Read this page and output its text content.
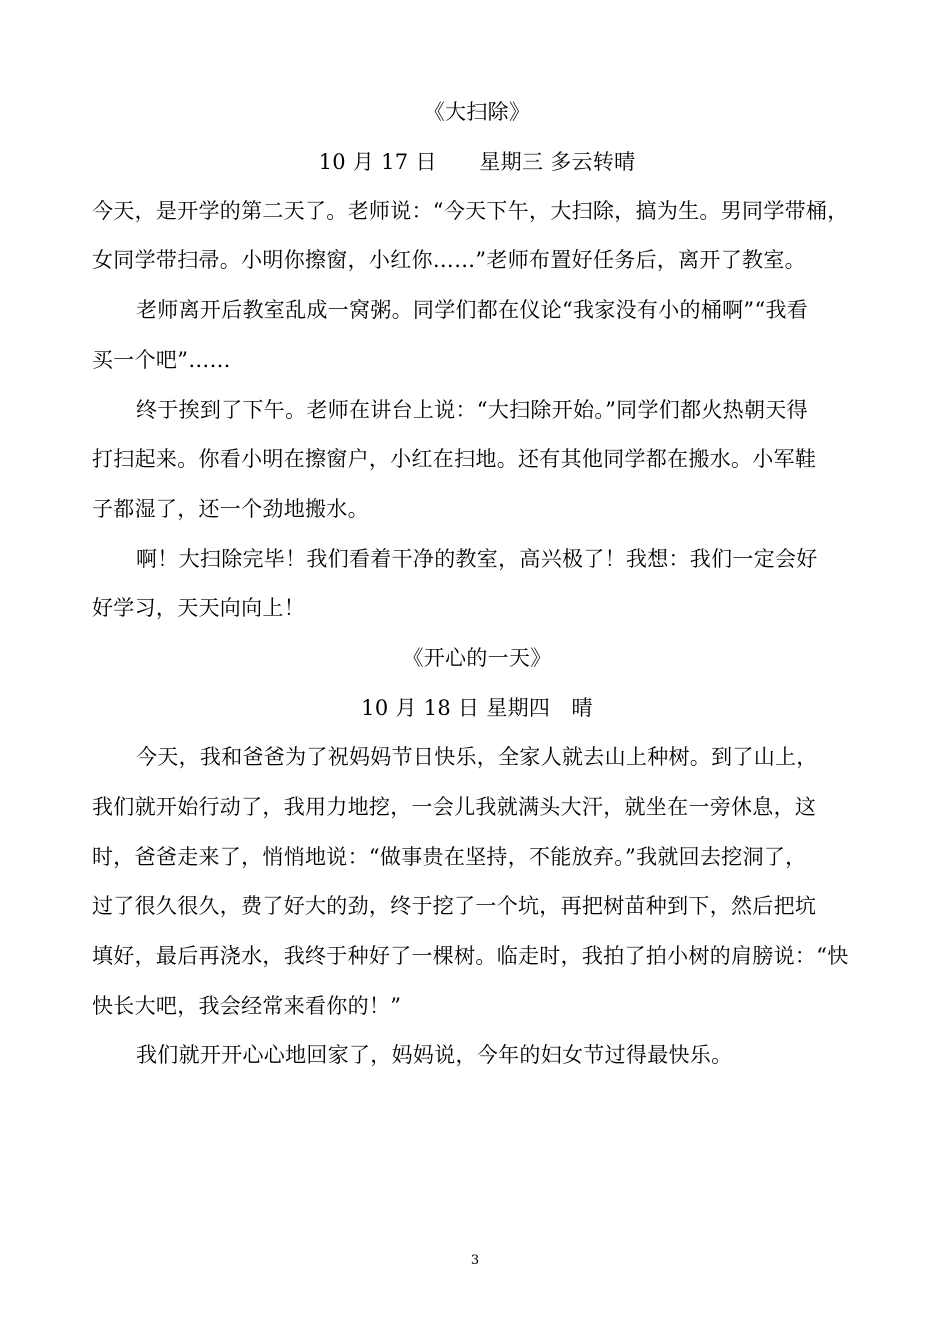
《大扫除》
10 月 17 日　　星期三 多云转晴
今天，是开学的第二天了。老师说：“今天下午，大扫除，搞为生。男同学带桶，
女同学带扫帚。小明你擦窗，小红你……”老师布置好任务后，离开了教室。
老师离开后教室乱成一窝粥。同学们都在仪论“我家没有小的桶啊”“我看
买一个吧”……
终于挨到了下午。老师在讲台上说：“大扫除开始。”同学们都火热朝天得
打扫起来。你看小明在擦窗户，小红在扫地。还有其他同学都在搬水。小军鞋
子都湿了，还一个劲地搬水。
啊！大扫除完毕！我们看着干净的教室，高兴极了！我想：我们一定会好
好学习，天天向向上！
《开心的一天》
10 月 18 日 星期四　晴
今天，我和爸爸为了祝妈妈节日快乐，全家人就去山上种树。到了山上，
我们就开始行动了，我用力地挖，一会儿我就满头大汗，就坐在一旁休息，这
时，爸爸走来了，悄悄地说：“做事贵在坚持，不能放弃。”我就回去挖洞了，
过了很久很久，费了好大的劲，终于挖了一个坑，再把树苗种到下，然后把坑
填好，最后再浇水，我终于种好了一棵树。临走时，我拍了拍小树的肩膀说：“快
快长大吧，我会经常来看你的！”
我们就开开心心地回家了，妈妈说，今年的妇女节过得最快乐。
3
